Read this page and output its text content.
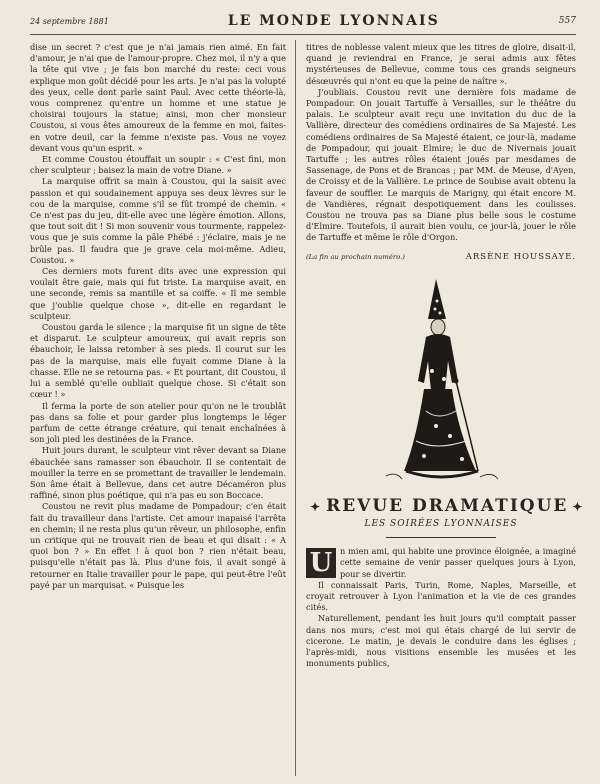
24 septembre 1881	LE MONDE LYONNAIS	557

dise un secret ? c'est que je n'ai jamais rien aimé. En fait d'amour, je n'ai que de l'amour-propre. Chez moi, il n'y a que la tête qui vive ; je fais bon marché du reste: ceci vous explique mon goût décidé pour les arts. Je n'ai pas la volupté des yeux, celle dont parle saint Paul. Avec cette théorie-là, vous comprenez qu'entre un homme et une statue je choisirai toujours la statue; ainsi, mon cher monsieur Coustou, si vous êtes amoureux de la femme en moi, faites-en votre deuil, car la femme n'existe pas. Vous ne voyez devant vous qu'un esprit. »

Et comme Coustou étouffait un soupir : « C'est fini, mon cher sculpteur ; baisez la main de votre Diane. »

La marquise offrit sa main à Coustou, qui la saisit avec passion et qui soudainement appuya ses deux lèvres sur le cou de la marquise, comme s'il se fût trompé de chemin. « Ce n'est pas du jeu, dit-elle avec une légère émotion. Allons, que tout soit dit ! Si mon souvenir vous tourmente, rappelez-vous que je suis comme la pâle Phébé : j'éclaire, mais je ne brûle pas. Il faudra que je grave cela moi-même. Adieu, Coustou. »

Ces derniers mots furent dits avec une expression qui voulait être gaie, mais qui fut triste. La marquise avait, en une seconde, remis sa mantille et sa coiffe. « Il me semble que j'oublie quelque chose », dit-elle en regardant le sculpteur.

Coustou garda le silence ; la marquise fit un signe de tête et disparut. Le sculpteur amoureux, qui avait repris son ébauchoir, le laissa retomber à ses pieds. Il courut sur les pas de la marquise, mais elle fuyait comme Diane à la chasse. Elle ne se retourna pas. « Et pourtant, dit Coustou, il lui a semblé qu'elle oubliait quelque chose. Si c'était son cœur ! »

Il ferma la porte de son atelier pour qu'on ne le troublât pas dans sa folie et pour garder plus longtemps le léger parfum de cette étrange créature, qui tenait enchaînées à son joli pied les destinées de la France.

Huit jours durant, le sculpteur vint rêver devant sa Diane ébauchée sans ramasser son ébauchoir. Il se contentait de mouiller la terre en se promettant de travailler le lendemain. Son âme était à Bellevue, dans cet autre Décaméron plus raffiné, sinon plus poétique, qui n'a pas eu son Boccace.

Coustou ne revit plus madame de Pompadour; c'en était fait du travailleur dans l'artiste. Cet amour inapaisé l'arrêta en chemin; il ne resta plus qu'un rêveur, un philosophe, enfin un critique qui ne trouvait rien de beau et qui disait : « A quoi bon ? » En effet ! à quoi bon ? rien n'était beau, puisqu'elle n'était pas là. Plus d'une fois, il avait songé à retourner en Italie travailler pour le pape, qui peut-être l'eût payé par un marquisat. « Puisque les

titres de noblesse valent mieux que les titres de gloire, disait-il, quand je reviendrai en France, je serai admis aux fêtes mystérieuses de Bellevue, comme tous ces grands seigneurs désœuvrés qui n'ont eu que la peine de naître ».

J'oubliais. Coustou revit une dernière fois madame de Pompadour. On jouait Tartuffe à Versailles, sur le théâtre du palais. Le sculpteur avait reçu une invitation du duc de la Vallière, directeur des comédiens ordinaires de Sa Majesté. Les comédiens ordinaires de Sa Majesté étaient, ce jour-là, madame de Pompadour, qui jouait Elmire; le duc de Nivernais jouait Tartuffe ; les autres rôles étaient joués par mesdames de Sassenage, de Pons et de Brancas ; par MM. de Meuse, d'Ayen, de Croissy et de la Vallière. Le prince de Soubise avait obtenu la faveur de souffler. Le marquis de Marigny, qui était encore M. de Vandières, régnait despotiquement dans les coulisses. Coustou ne trouva pas sa Diane plus belle sous le costume d'Elmire. Toutefois, il aurait bien voulu, ce jour-là, jouer le rôle de Tartuffe et même le rôle d'Orgon.

(La fin au prochain numéro.)	ARSÈNE HOUSSAYE.
✦ REVUE DRAMATIQUE ✦
LES SOIRÉES LYONNAISES
U n mien ami, qui habite une province éloignée, a imaginé cette semaine de venir passer quelques jours à Lyon, pour se divertir.

Il connaissait Paris, Turin, Rome, Naples, Marseille, et croyait retrouver à Lyon l'animation et la vie de ces grandes cités.

Naturellement, pendant les huit jours qu'il comptait passer dans nos murs, c'est moi qui étais chargé de lui servir de cicerone. Le matin, je devais le conduire dans les églises ; l'après-midi, nous visitions ensemble les musées et les monuments publics,
